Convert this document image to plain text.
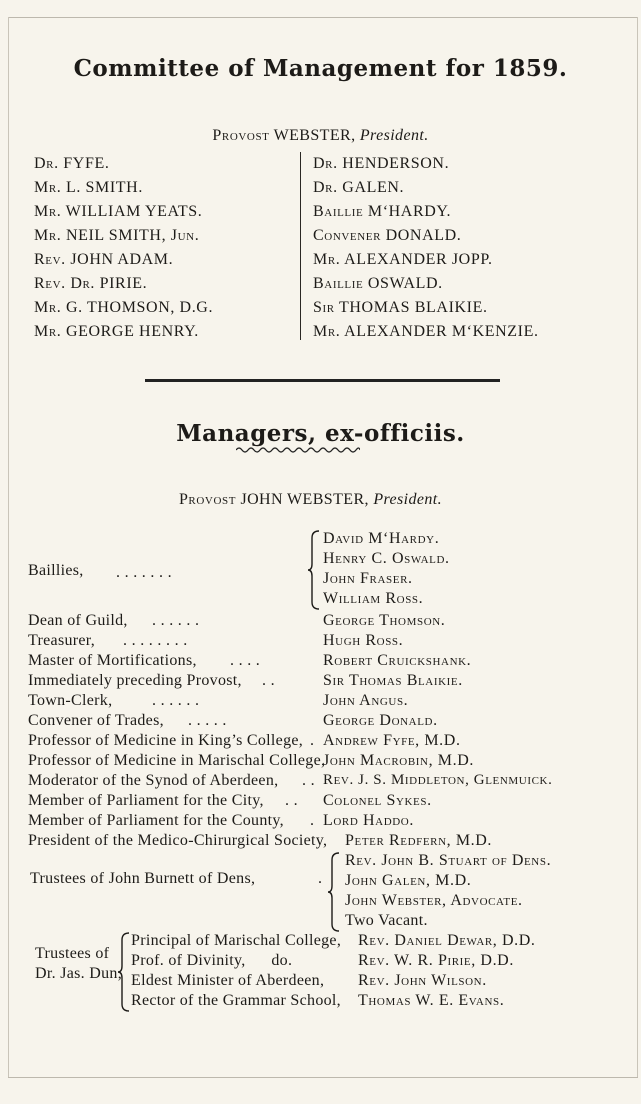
Committee of Management for 1859.
Provost WEBSTER, President.
Dr. FYFE.
Mr. L. SMITH.
Mr. WILLIAM YEATS.
Mr. NEIL SMITH, Jun.
Rev. JOHN ADAM.
Rev. Dr. PIRIE.
Mr. G. THOMSON, D.G.
Mr. GEORGE HENRY.
Dr. HENDERSON.
Dr. GALEN.
Baillie M‘HARDY.
Convener DONALD.
Mr. ALEXANDER JOPP.
Baillie OSWALD.
Sir THOMAS BLAIKIE.
Mr. ALEXANDER M‘KENZIE.
Managers, ex-officiis.
Provost JOHN WEBSTER, President.
Baillies, . . . . . . .
David M‘Hardy.
Henry C. Oswald.
John Fraser.
William Ross.
Dean of Guild, . . . . . .	George Thomson.
Treasurer, . . . . . . . .	Hugh Ross.
Master of Mortifications, . . . .	Robert Cruickshank.
Immediately preceding Provost, . .	Sir Thomas Blaikie.
Town-Clerk, . . . . . .	John Angus.
Convener of Trades, . . . . .	George Donald.
Professor of Medicine in King’s College, . Andrew Fyfe, M.D.
Professor of Medicine in Marischal College,
John Macrobin, M.D.
Moderator of the Synod of Aberdeen, . . Rev. J. S. Middleton, Glenmuick.
Member of Parliament for the City, . . Colonel Sykes.
Member of Parliament for the County, . Lord Haddo.
President of the Medico-Chirurgical Society, Peter Redfern, M.D.
Trustees of John Burnett of Dens,	.
Rev. John B. Stuart of Dens.
John Galen, M.D.
John Webster, Advocate.
Two Vacant.
Trustees of
Dr. Jas. Dun,
Principal of Marischal College, Rev. Daniel Dewar, D.D.
Prof. of Divinity,      do.	Rev. W. R. Pirie, D.D.
Eldest Minister of Aberdeen, Rev. John Wilson.
Rector of the Grammar School, Thomas W. E. Evans.
